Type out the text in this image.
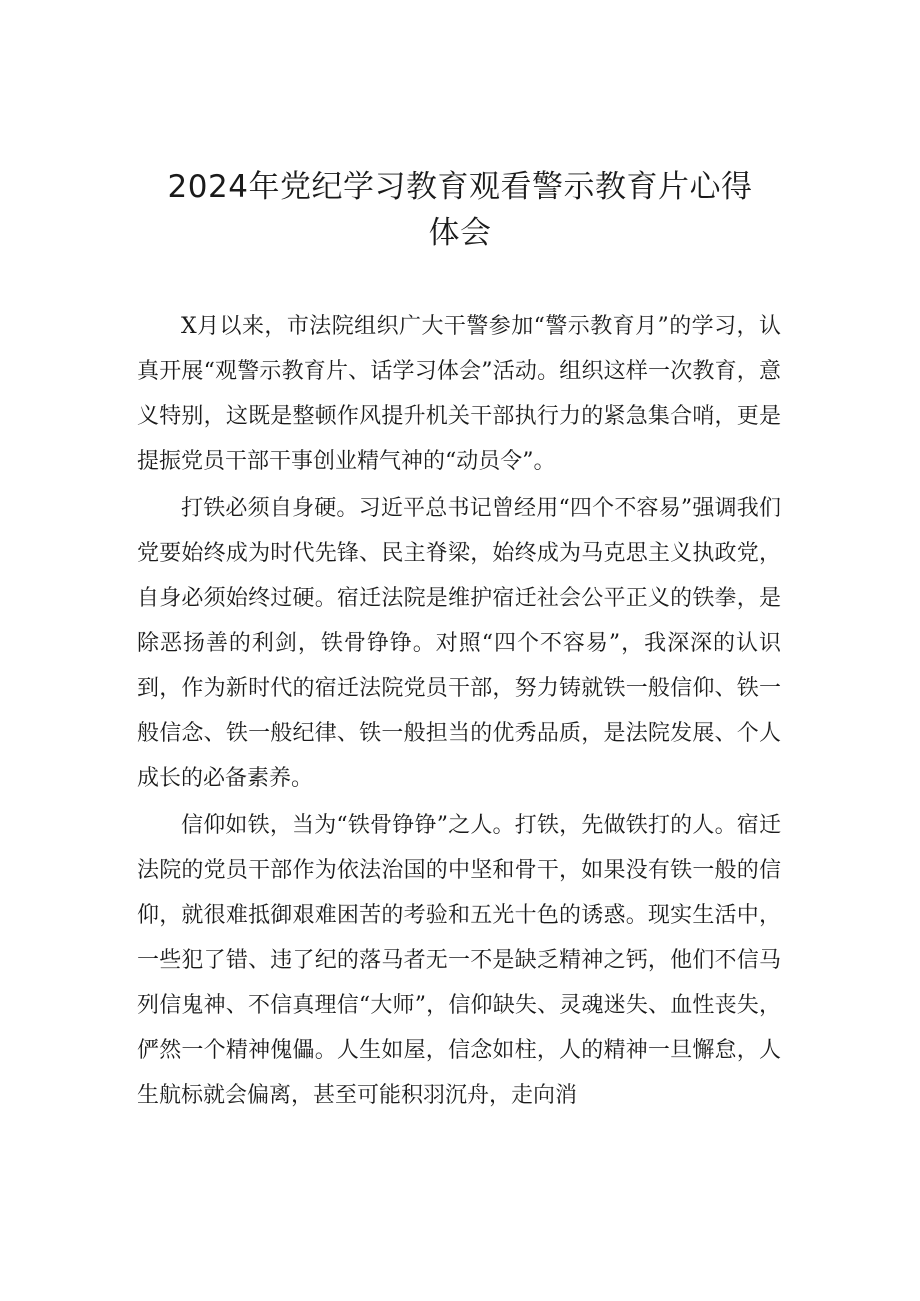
2024年党纪学习教育观看警示教育片心得
体会

X月以来，市法院组织广大干警参加“警示教育月”的学习，认真开展“观警示教育片、话学习体会”活动。组织这样一次教育，意义特别，这既是整顿作风提升机关干部执行力的紧急集合哨，更是提振党员干部干事创业精气神的“动员令”。

打铁必须自身硬。习近平总书记曾经用“四个不容易”强调我们党要始终成为时代先锋、民主脊梁，始终成为马克思主义执政党，自身必须始终过硬。宿迁法院是维护宿迁社会公平正义的铁拳，是除恶扬善的利剑，铁骨铮铮。对照“四个不容易”，我深深的认识到，作为新时代的宿迁法院党员干部，努力铸就铁一般信仰、铁一般信念、铁一般纪律、铁一般担当的优秀品质，是法院发展、个人成长的必备素养。

信仰如铁，当为“铁骨铮铮”之人。打铁，先做铁打的人。宿迁法院的党员干部作为依法治国的中坚和骨干，如果没有铁一般的信仰，就很难抵御艰难困苦的考验和五光十色的诱惑。现实生活中，一些犯了错、违了纪的落马者无一不是缺乏精神之钙，他们不信马列信鬼神、不信真理信“大师”，信仰缺失、灵魂迷失、血性丧失，俨然一个精神傀儡。人生如屋，信念如柱，人的精神一旦懈怠，人生航标就会偏离，甚至可能积羽沉舟，走向消
